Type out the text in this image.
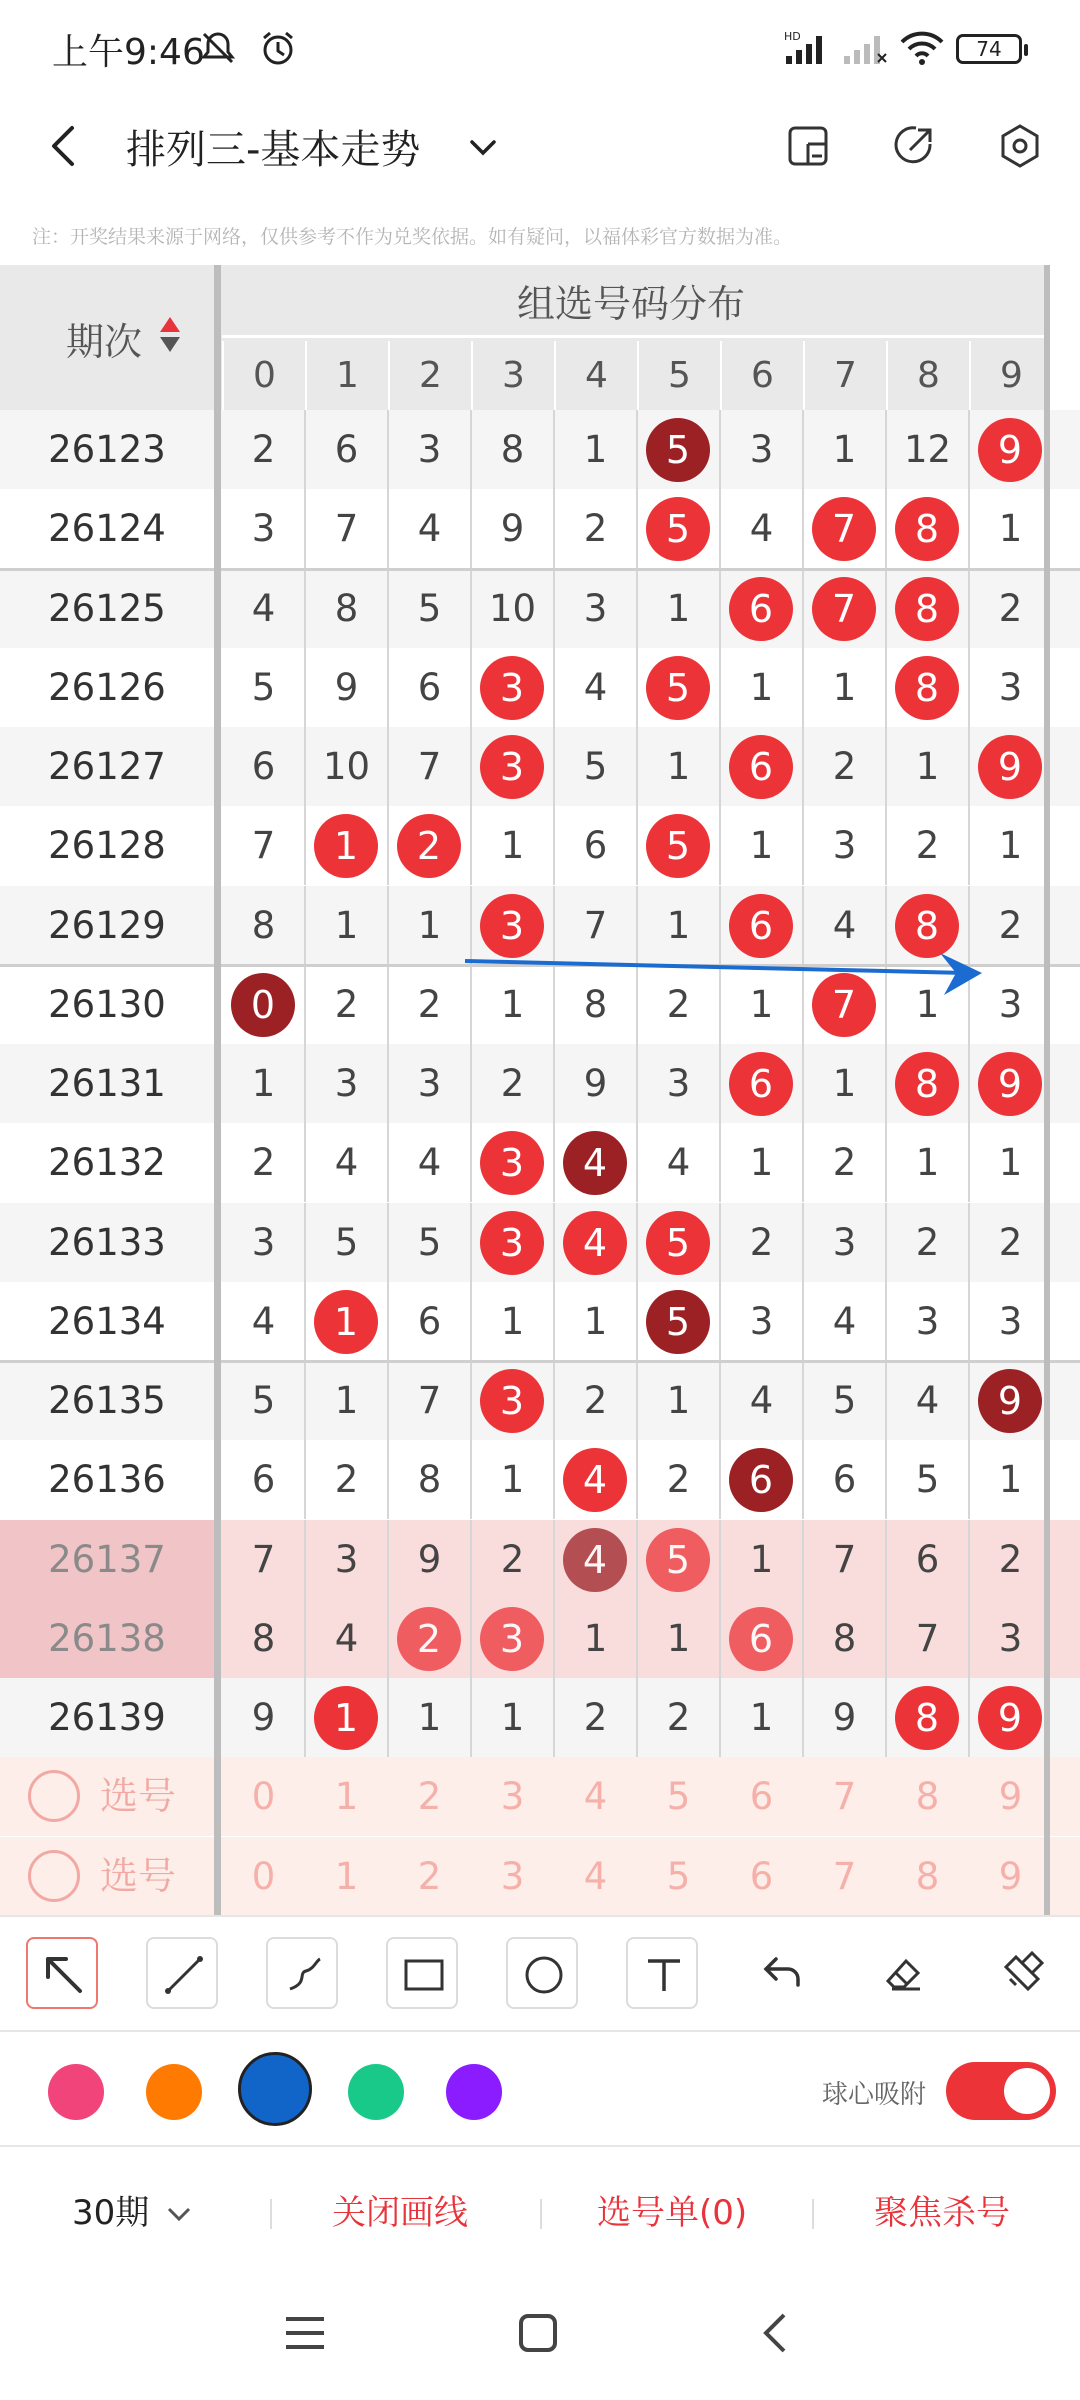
上午9:46	HD
74
排列三-基本走势
注：开奖结果来源于网络，仅供参考不作为兑奖依据。如有疑问，以福体彩官方数据为准。
期次
组选号码分布
0	1	2	3	4	5	6	7	8	9
26123	2	6	3	8	1	5	3	1	12	9
26124	3	7	4	9	2	5	4	7	8	1
26125	4	8	5	10	3	1	6	7	8	2
26126	5	9	6	3	4	5	1	1	8	3
26127	6	10	7	3	5	1	6	2	1	9
26128	7	1	2	1	6	5	1	3	2	1
26129	8	1	1	3	7	1	6	4	8	2
26130	0	2	2	1	8	2	1	7	1	3
26131	1	3	3	2	9	3	6	1	8	9
26132	2	4	4	3	4	4	1	2	1	1
26133	3	5	5	3	4	5	2	3	2	2
26134	4	1	6	1	1	5	3	4	3	3
26135	5	1	7	3	2	1	4	5	4	9
26136	6	2	8	1	4	2	6	6	5	1
26137	7	3	9	2	4	5	1	7	6	2
26138	8	4	2	3	1	1	6	8	7	3
26139	9	1	1	1	2	2	1	9	8	9
选号	0	1	2	3	4	5	6	7	8	9
选号	0	1	2	3	4	5	6	7	8	9
球心吸附
30期	关闭画线	选号单(0)	聚焦杀号
